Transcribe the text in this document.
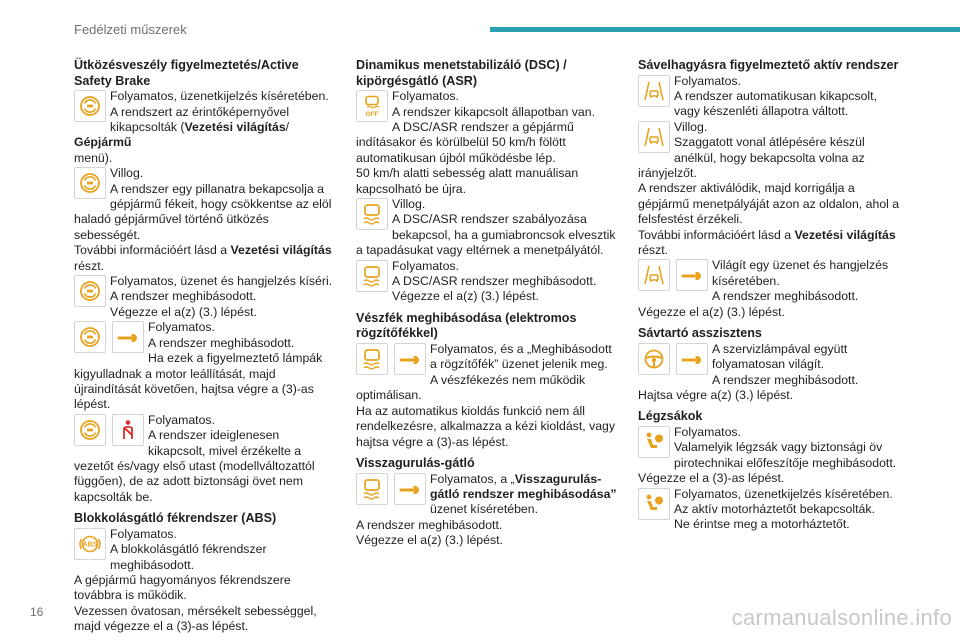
Fedélzeti műszerek
Ütközésveszély figyelmeztetés/Active Safety Brake
Folyamatos, üzenetkijelzés kíséretében.
A rendszert az érintőképernyővel
kikapcsolták (Vezetési világítás/ Gépjármű
menü).
Villog.
A rendszer egy pillanatra bekapcsolja a
gépjármű fékeit, hogy csökkentse az elöl haladó gépjárművel történő ütközés sebességét.
További információért lásd a Vezetési világítás
részt.
Folyamatos, üzenet és hangjelzés kíséri.
A rendszer meghibásodott.
Végezze el a(z) (3.) lépést.
Folyamatos.
A rendszer meghibásodott.
Ha ezek a figyelmeztető lámpák kigyulladnak a motor leállítását, majd újraindítását követően, hajtsa végre a (3)-as lépést.
Folyamatos.
A rendszer ideiglenesen
kikapcsolt, mivel érzékelte a vezetőt és/vagy első utast (modellváltozattól függően), de az adott biztonsági övet nem kapcsolták be.
Blokkolásgátló fékrendszer (ABS)
ABS
Folyamatos.
A blokkolásgátló fékrendszer
meghibásodott.
A gépjármű hagyományos fékrendszere továbbra is működik.
Vezessen óvatosan, mérsékelt sebességgel, majd végezze el a (3)-as lépést.
Dinamikus menetstabilizáló (DSC) / kipörgésgátló (ASR)
OFF
Folyamatos.
A rendszer kikapcsolt állapotban van.
A DSC/ASR rendszer a gépjármű indításakor és körülbelül 50 km/h fölött automatikusan újból működésbe lép.
50 km/h alatti sebesség alatt manuálisan kapcsolható be újra.
Villog.
A DSC/ASR rendszer szabályozása
bekapcsol, ha a gumiabroncsok elvesztik a tapadásukat vagy eltérnek a menetpályától.
Folyamatos.
A DSC/ASR rendszer meghibásodott.
Végezze el a(z) (3.) lépést.
Vészfék meghibásodása (elektromos rögzítőfékkel)
Folyamatos, és a „Meghibásodott
a rögzítőfék” üzenet jelenik meg.
A vészfékezés nem működik optimálisan.
Ha az automatikus kioldás funkció nem áll rendelkezésre, alkalmazza a kézi kioldást, vagy hajtsa végre a (3)-as lépést.
Visszagurulás-gátló
Folyamatos, a „Visszagurulás-
gátló rendszer meghibásodása”
üzenet kíséretében.
A rendszer meghibásodott.
Végezze el a(z) (3.) lépést.
Sávelhagyásra figyelmeztető aktív rendszer
Folyamatos.
A rendszer automatikusan kikapcsolt,
vagy készenléti állapotra váltott.
Villog.
Szaggatott vonal átlépésére készül
anélkül, hogy bekapcsolta volna az irányjelzőt.
A rendszer aktiválódik, majd korrigálja a gépjármű menetpályáját azon az oldalon, ahol a felsfestést érzékeli.
További információért lásd a Vezetési világítás
részt.
Világít egy üzenet és hangjelzés
kíséretében.
A rendszer meghibásodott.
Végezze el a(z) (3.) lépést.
Sávtartó asszisztens
A szervizlámpával együtt
folyamatosan világít.
A rendszer meghibásodott.
Hajtsa végre a(z) (3.) lépést.
Légzsákok
Folyamatos.
Valamelyik légzsák vagy biztonsági öv
pirotechnikai előfeszítője meghibásodott.
Végezze el a (3)-as lépést.
Folyamatos, üzenetkijelzés kíséretében.
Az aktív motorháztetőt bekapcsolták.
Ne érintse meg a motorháztetőt.
16	carmanualsonline.info
